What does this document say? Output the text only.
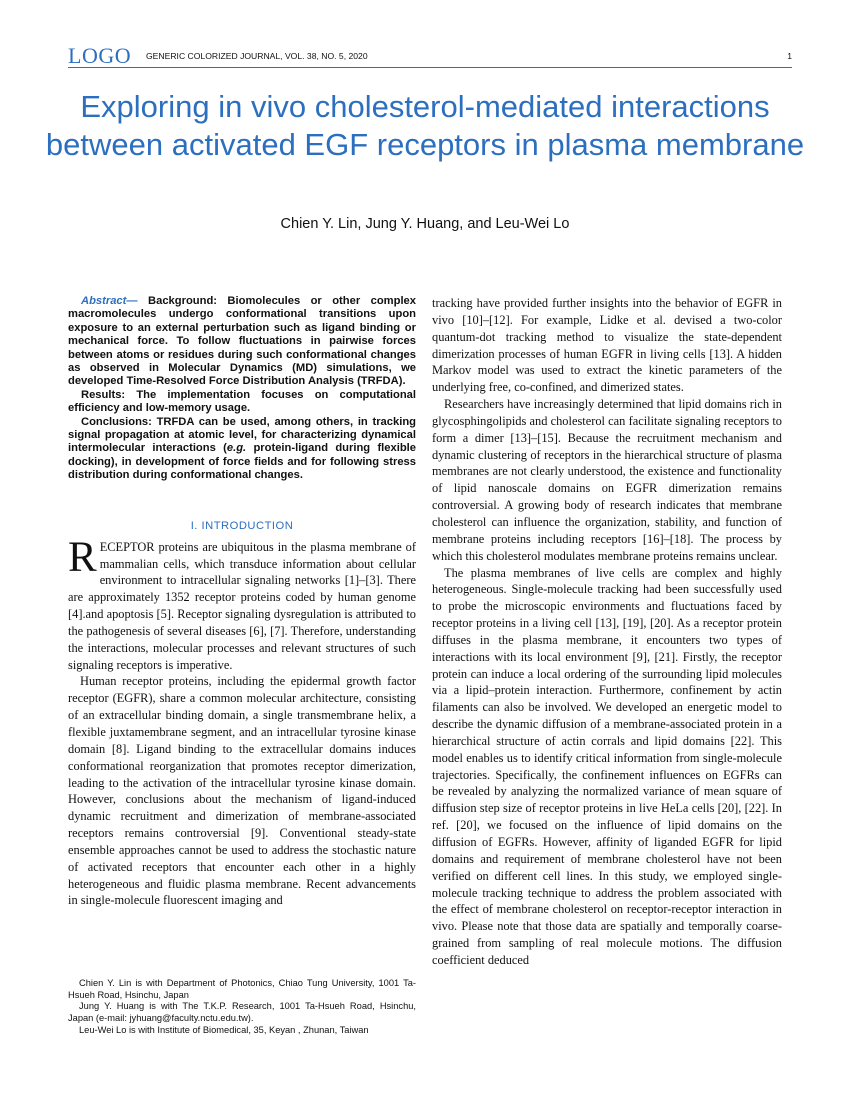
LOGO GENERIC COLORIZED JOURNAL, VOL. 38, NO. 5, 2020	1
Exploring in vivo cholesterol-mediated interactions between activated EGF receptors in plasma membrane
Chien Y. Lin, Jung Y. Huang, and Leu-Wei Lo

Abstract— Background: Biomolecules or other complex macromolecules undergo conformational transitions upon exposure to an external perturbation such as ligand binding or mechanical force. To follow fluctuations in pairwise forces between atoms or residues during such conformational changes as observed in Molecular Dynamics (MD) simulations, we developed Time-Resolved Force Distribution Analysis (TRFDA).

Results: The implementation focuses on computational efficiency and low-memory usage.

Conclusions: TRFDA can be used, among others, in tracking signal propagation at atomic level, for characterizing dynamical intermolecular interactions (e.g. protein-ligand during flexible docking), in development of force fields and for following stress distribution during conformational changes.

I. INTRODUCTION

RECEPTOR proteins are ubiquitous in the plasma membrane of mammalian cells, which transduce information about cellular environment to intracellular signaling networks [1]–[3]. There are approximately 1352 receptor proteins coded by human genome [4].and apoptosis [5]. Receptor signaling dysregulation is attributed to the pathogenesis of several diseases [6], [7]. Therefore, understanding the interactions, molecular processes and relevant structures of such signaling receptors is imperative.

Human receptor proteins, including the epidermal growth factor receptor (EGFR), share a common molecular architecture, consisting of an extracellular binding domain, a single transmembrane helix, a flexible juxtamembrane segment, and an intracellular tyrosine kinase domain [8]. Ligand binding to the extracellular domains induces conformational reorganization that promotes receptor dimerization, leading to the activation of the intracellular tyrosine kinase domain. However, conclusions about the mechanism of ligand-induced dynamic recruitment and dimerization of membrane-associated receptors remains controversial [9]. Conventional steady-state ensemble approaches cannot be used to address the stochastic nature of activated receptors that encounter each other in a highly heterogeneous and fluidic plasma membrane. Recent advancements in single-molecule fluorescent imaging and

Chien Y. Lin is with Department of Photonics, Chiao Tung University, 1001 Ta-Hsueh Road, Hsinchu, Japan

Jung Y. Huang is with The T.K.P. Research, 1001 Ta-Hsueh Road, Hsinchu, Japan (e-mail: jyhuang@faculty.nctu.edu.tw).

Leu-Wei Lo is with Institute of Biomedical, 35, Keyan , Zhunan, Taiwan

tracking have provided further insights into the behavior of EGFR in vivo [10]–[12]. For example, Lidke et al. devised a two-color quantum-dot tracking method to visualize the state-dependent dimerization processes of human EGFR in living cells [13]. A hidden Markov model was used to extract the kinetic parameters of the underlying free, co-confined, and dimerized states.

Researchers have increasingly determined that lipid domains rich in glycosphingolipids and cholesterol can facilitate signaling receptors to form a dimer [13]–[15]. Because the recruitment mechanism and dynamic clustering of receptors in the hierarchical structure of plasma membranes are not clearly understood, the existence and functionality of lipid nanoscale domains on EGFR dimerization remains controversial. A growing body of research indicates that membrane cholesterol can influence the organization, stability, and function of membrane proteins including receptors [16]–[18]. The process by which this cholesterol modulates membrane proteins remains unclear.

The plasma membranes of live cells are complex and highly heterogeneous. Single-molecule tracking had been successfully used to probe the microscopic environments and fluctuations faced by receptor proteins in a living cell [13], [19], [20]. As a receptor protein diffuses in the plasma membrane, it encounters two types of interactions with its local environment [9], [21]. Firstly, the receptor protein can induce a local ordering of the surrounding lipid molecules via a lipid–protein interaction. Furthermore, confinement by actin filaments can also be involved. We developed an energetic model to describe the dynamic diffusion of a membrane-associated protein in a hierarchical structure of actin corrals and lipid domains [22]. This model enables us to identify critical information from single-molecule trajectories. Specifically, the confinement influences on EGFRs can be revealed by analyzing the normalized variance of mean square of diffusion step size of receptor proteins in live HeLa cells [20], [22]. In ref. [20], we focused on the influence of lipid domains on the diffusion of EGFRs. However, affinity of liganded EGFR for lipid domains and requirement of membrane cholesterol have not been verified on different cell lines. In this study, we employed single-molecule tracking technique to address the problem associated with the effect of membrane cholesterol on receptor-receptor interaction in vivo. Please note that those data are spatially and temporally coarse-grained from sampling of real molecule motions. The diffusion coefficient deduced
